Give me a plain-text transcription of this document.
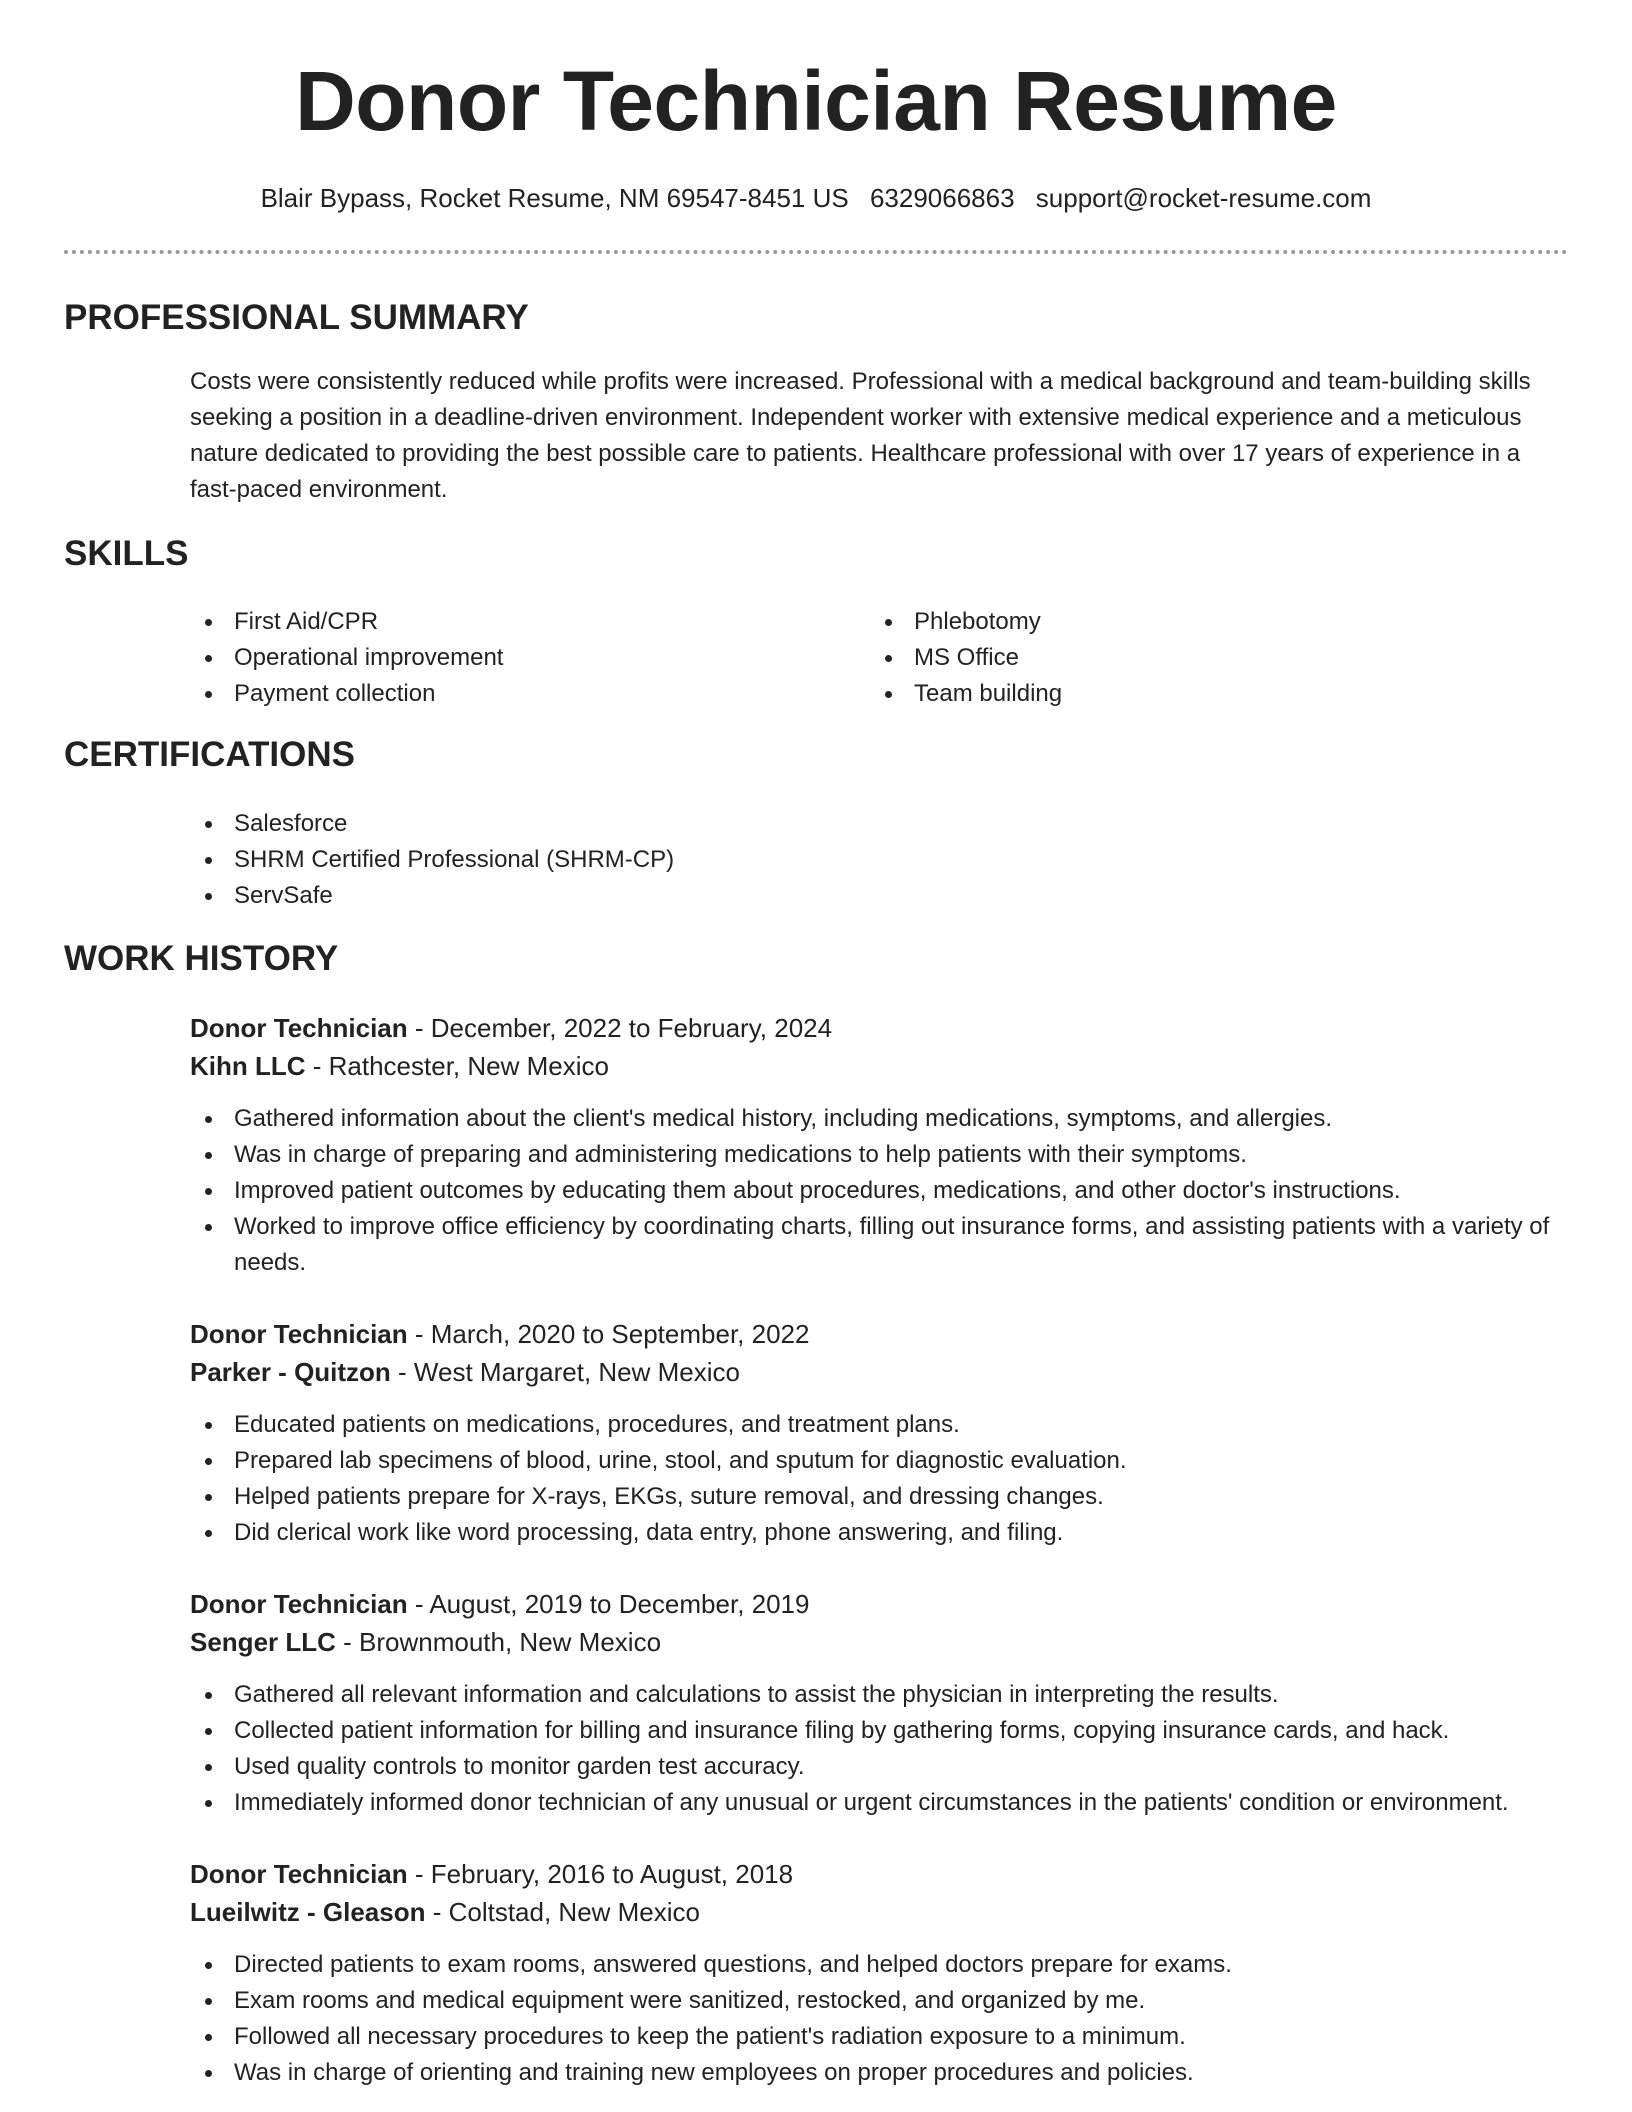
Donor Technician Resume
Blair Bypass, Rocket Resume, NM 69547-8451 US 6329066863 support@rocket-resume.com
PROFESSIONAL SUMMARY

Costs were consistently reduced while profits were increased. Professional with a medical background and team-building skills seeking a position in a deadline-driven environment. Independent worker with extensive medical experience and a meticulous nature dedicated to providing the best possible care to patients. Healthcare professional with over 17 years of experience in a fast-paced environment.

SKILLS
First Aid/CPR
Operational improvement
Payment collection
Phlebotomy
MS Office
Team building
CERTIFICATIONS
Salesforce
SHRM Certified Professional (SHRM-CP)
ServSafe
WORK HISTORY
Donor Technician - December, 2022 to February, 2024
Kihn LLC - Rathcester, New Mexico
Gathered information about the client's medical history, including medications, symptoms, and allergies.
Was in charge of preparing and administering medications to help patients with their symptoms.
Improved patient outcomes by educating them about procedures, medications, and other doctor's instructions.
Worked to improve office efficiency by coordinating charts, filling out insurance forms, and assisting patients with a variety of needs.
Donor Technician - March, 2020 to September, 2022
Parker - Quitzon - West Margaret, New Mexico
Educated patients on medications, procedures, and treatment plans.
Prepared lab specimens of blood, urine, stool, and sputum for diagnostic evaluation.
Helped patients prepare for X-rays, EKGs, suture removal, and dressing changes.
Did clerical work like word processing, data entry, phone answering, and filing.
Donor Technician - August, 2019 to December, 2019
Senger LLC - Brownmouth, New Mexico
Gathered all relevant information and calculations to assist the physician in interpreting the results.
Collected patient information for billing and insurance filing by gathering forms, copying insurance cards, and hack.
Used quality controls to monitor garden test accuracy.
Immediately informed donor technician of any unusual or urgent circumstances in the patients' condition or environment.
Donor Technician - February, 2016 to August, 2018
Lueilwitz - Gleason - Coltstad, New Mexico
Directed patients to exam rooms, answered questions, and helped doctors prepare for exams.
Exam rooms and medical equipment were sanitized, restocked, and organized by me.
Followed all necessary procedures to keep the patient's radiation exposure to a minimum.
Was in charge of orienting and training new employees on proper procedures and policies.
